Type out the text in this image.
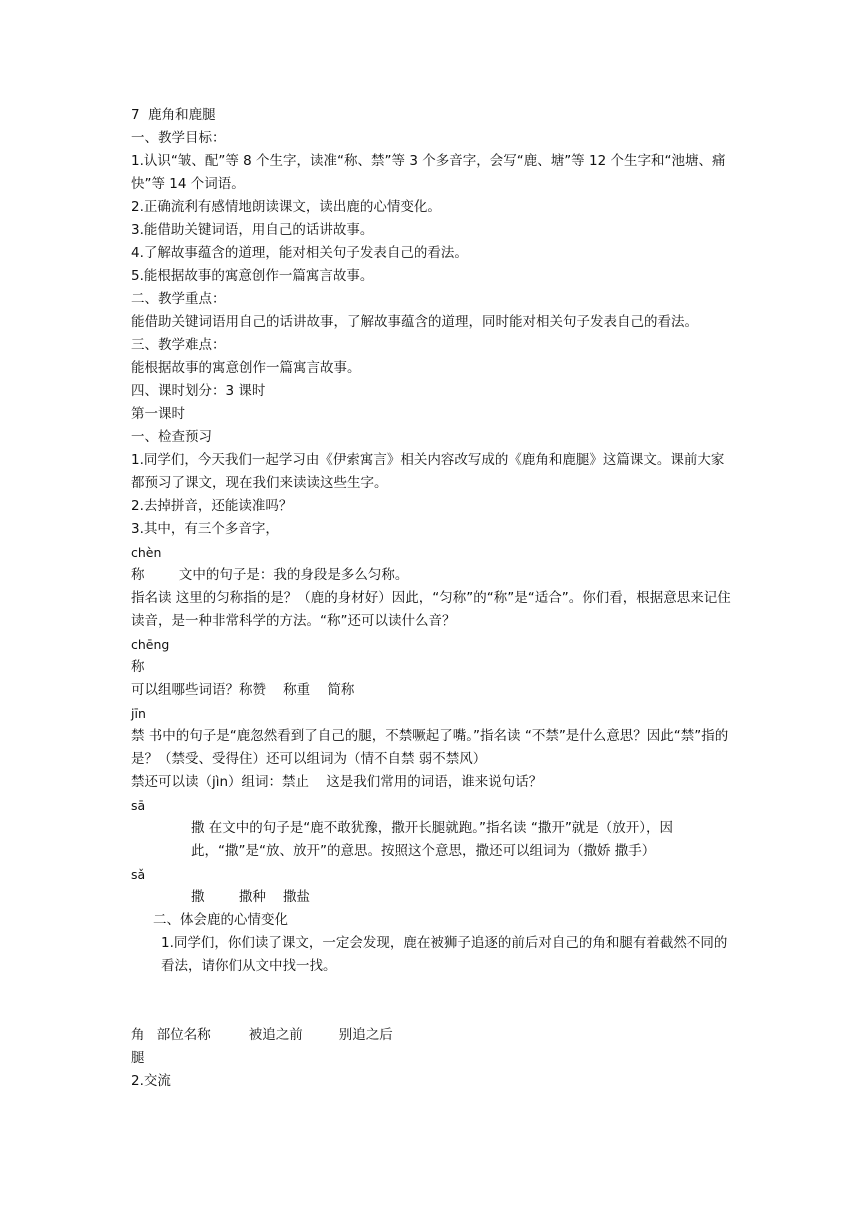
7  鹿角和鹿腿
一、教学目标：
1.认识“皱、配”等 8 个生字，读准“称、禁”等 3 个多音字，会写“鹿、塘”等 12 个生字和“池塘、痛快”等 14 个词语。
2.正确流利有感情地朗读课文，读出鹿的心情变化。
3.能借助关键词语，用自己的话讲故事。
4.了解故事蕴含的道理，能对相关句子发表自己的看法。
5.能根据故事的寓意创作一篇寓言故事。
二、教学重点：
能借助关键词语用自己的话讲故事，了解故事蕴含的道理，同时能对相关句子发表自己的看法。
三、教学难点：
能根据故事的寓意创作一篇寓言故事。
四、课时划分：3 课时
第一课时
一、检查预习
1.同学们，今天我们一起学习由《伊索寓言》相关内容改写成的《鹿角和鹿腿》这篇课文。课前大家都预习了课文，现在我们来读读这些生字。
2.去掉拼音，还能读准吗？
3.其中，有三个多音字，
chèn
称        文中的句子是：我的身段是多么匀称。
指名读 这里的匀称指的是？（鹿的身材好）因此，“匀称”的“称”是“适合”。你们看，根据意思来记住读音，是一种非常科学的方法。“称”还可以读什么音？
chēng
称
可以组哪些词语？称赞    称重    简称
jīn
禁 书中的句子是“鹿忽然看到了自己的腿，不禁噘起了嘴。”指名读 “不禁”是什么意思？因此“禁”指的是？（禁受、受得住）还可以组词为（情不自禁 弱不禁风）
禁还可以读（jìn）组词：禁止    这是我们常用的词语，谁来说句话？
sā
撒 在文中的句子是“鹿不敢犹豫，撒开长腿就跑。”指名读 “撒开”就是（放开），因此，“撒”是“放、放开”的意思。按照这个意思，撒还可以组词为（撒娇 撒手）
sǎ
撒        撒种    撒盐
二、体会鹿的心情变化
1.同学们，你们读了课文，一定会发现，鹿在被狮子追逐的前后对自己的角和腿有着截然不同的看法，请你们从文中找一找。

部位名称	被追之前	别追之后

角
腿
2.交流
